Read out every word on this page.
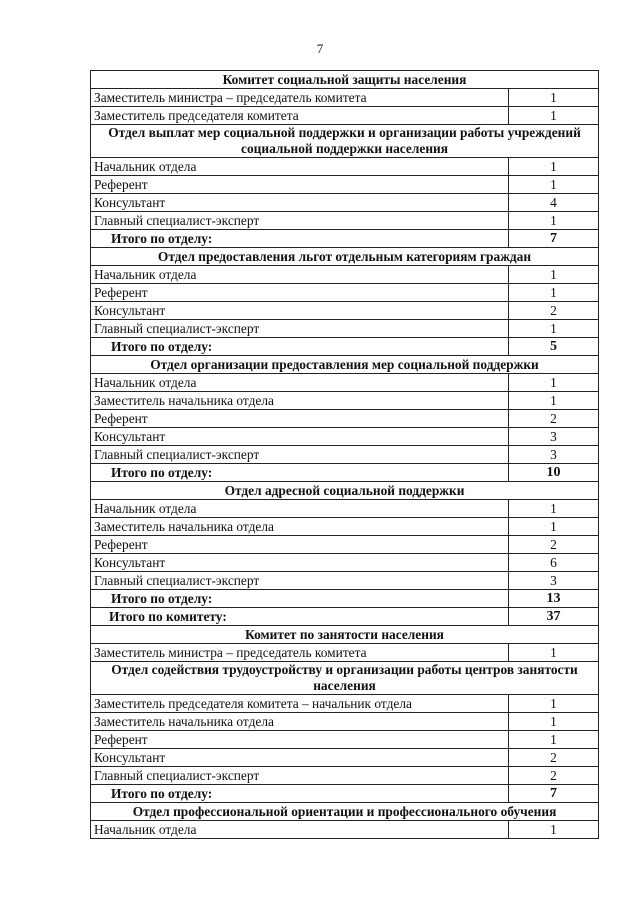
7
Комитет социальной защиты населения	
Заместитель министра – председатель комитета	1
Заместитель председателя комитета	1
Отдел выплат мер социальной поддержки и организации работы учреждений социальной поддержки населения	
Начальник отдела	1
Референт	1
Консультант	4
Главный специалист-эксперт	1
Итого по отделу:	7
Отдел предоставления льгот отдельным категориям граждан	
Начальник отдела	1
Референт	1
Консультант	2
Главный специалист-эксперт	1
Итого по отделу:	5
Отдел организации предоставления мер социальной поддержки	
Начальник отдела	1
Заместитель начальника отдела	1
Референт	2
Консультант	3
Главный специалист-эксперт	3
Итого по отделу:	10
Отдел адресной социальной поддержки	
Начальник отдела	1
Заместитель начальника отдела	1
Референт	2
Консультант	6
Главный специалист-эксперт	3
Итого по отделу:	13
Итого по комитету:	37
Комитет по занятости населения	
Заместитель министра – председатель комитета	1
Отдел содействия трудоустройству и организации работы центров занятости населения	
Заместитель председателя комитета – начальник отдела	1
Заместитель начальника отдела	1
Референт	1
Консультант	2
Главный специалист-эксперт	2
Итого по отделу:	7
Отдел профессиональной ориентации и профессионального обучения	
Начальник отдела	1
